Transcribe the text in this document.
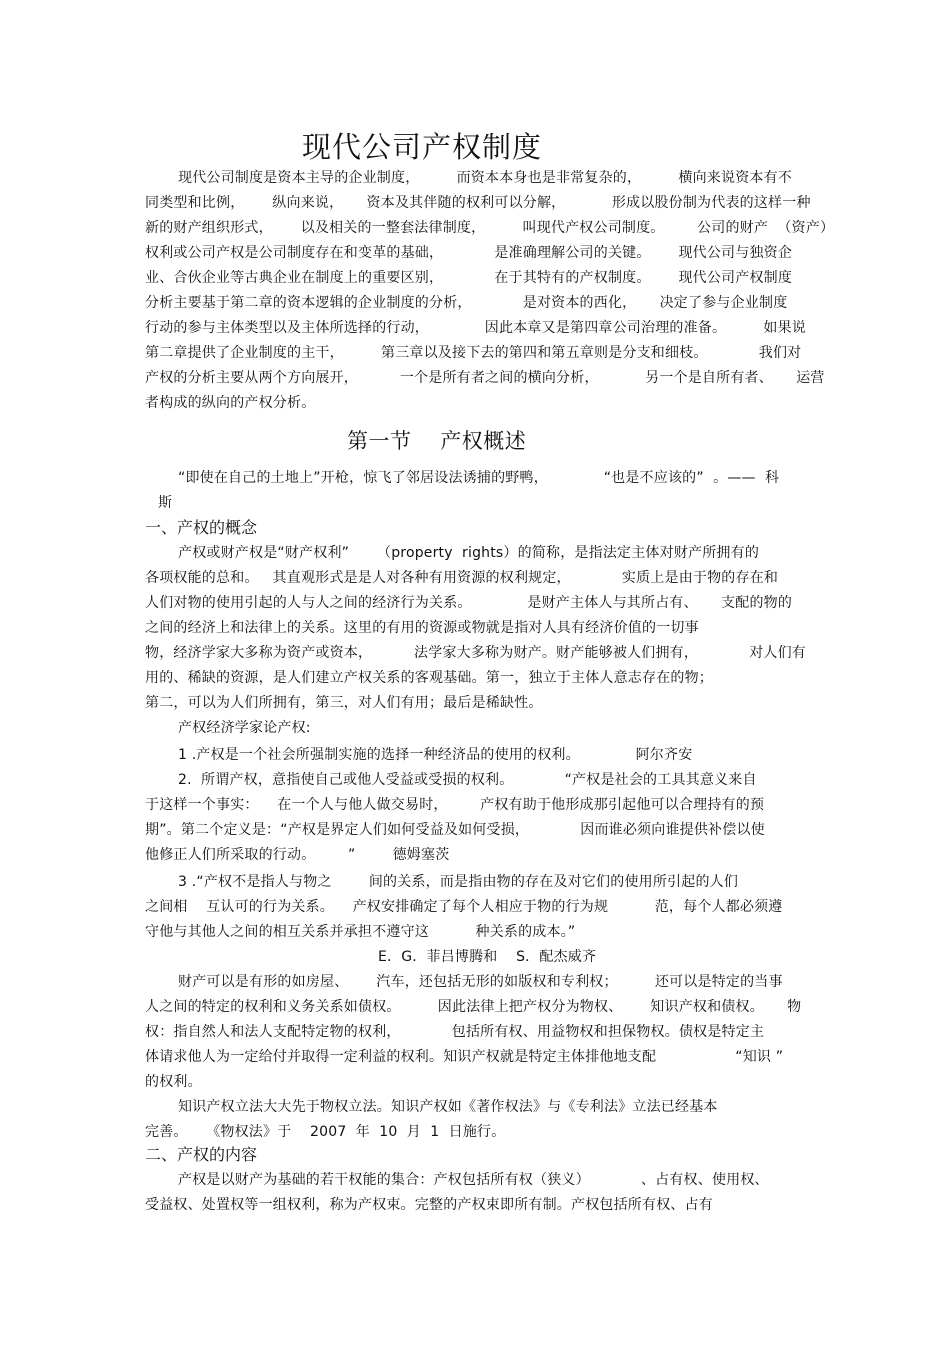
现代公司产权制度
现代公司制度是资本主导的企业制度，        而资本本身也是非常复杂的，        横向来说资本有不
同类型和比例，      纵向来说，     资本及其伴随的权利可以分解，          形成以股份制为代表的这样一种
新的财产组织形式，      以及相关的一整套法律制度，        叫现代产权公司制度。       公司的财产  （资产）
权利或公司产权是公司制度存在和变革的基础，           是准确理解公司的关键。      现代公司与独资企
业、合伙企业等古典企业在制度上的重要区别，           在于其特有的产权制度。      现代公司产权制度
分析主要基于第二章的资本逻辑的企业制度的分析，           是对资本的西化，     决定了参与企业制度
行动的参与主体类型以及主体所选择的行动，            因此本章又是第四章公司治理的准备。        如果说
第二章提供了企业制度的主干，        第三章以及接下去的第四和第五章则是分支和细枝。           我们对
产权的分析主要从两个方向展开，         一个是所有者之间的横向分析，          另一个是自所有者、     运营
者构成的纵向的产权分析。
第一节    产权概述
“即使在自己的土地上”开枪，惊飞了邻居设法诱捕的野鸭，            “也是不应该的”  。——  科
斯
一、产权的概念
产权或财产权是“财产权利”      （property  rights）的简称，是指法定主体对财产所拥有的
各项权能的总和。   其直观形式是是人对各种有用资源的权利规定，           实质上是由于物的存在和
人们对物的使用引起的人与人之间的经济行为关系。            是财产主体人与其所占有、     支配的物的
之间的经济上和法律上的关系。这里的有用的资源或物就是指对人具有经济价值的一切事
物，经济学家大多称为资产或资本，         法学家大多称为财产。财产能够被人们拥有，           对人们有
用的、稀缺的资源，是人们建立产权关系的客观基础。第一，独立于主体人意志存在的物；
第二，可以为人们所拥有，第三，对人们有用；最后是稀缺性。
产权经济学家论产权:
1 .产权是一个社会所强制实施的选择一种经济品的使用的权利。            阿尔齐安
2.  所谓产权，意指使自己或他人受益或受损的权利。           “产权是社会的工具其意义来自
于这样一个事实：    在一个人与他人做交易时，       产权有助于他形成那引起他可以合理持有的预
期”。第二个定义是：“产权是界定人们如何受益及如何受损，           因而谁必须向谁提供补偿以使
他修正人们所采取的行动。       ”        德姆塞茨
3 .“产权不是指人与物之        间的关系，而是指由物的存在及对它们的使用所引起的人们
之间相    互认可的行为关系。    产权安排确定了每个人相应于物的行为规          范，每个人都必须遵
守他与其他人之间的相互关系并承担不遵守这          种关系的成本。”
E．G．菲吕博腾和    S．配杰威齐
财产可以是有形的如房屋、      汽车，还包括无形的如版权和专利权；        还可以是特定的当事
人之间的特定的权利和义务关系如债权。        因此法律上把产权分为物权、      知识产权和债权。     物
权：指自然人和法人支配特定物的权利，           包括所有权、用益物权和担保物权。债权是特定主
体请求他人为一定给付并取得一定利益的权利。知识产权就是特定主体排他地支配                 “知识 ”
的权利。
知识产权立法大大先于物权立法。知识产权如《著作权法》与《专利法》立法已经基本
完善。    《物权法》于    2007  年  10  月  1  日施行。
二、产权的内容
产权是以财产为基础的若干权能的集合：产权包括所有权（狭义）           、占有权、使用权、
受益权、处置权等一组权利，称为产权束。完整的产权束即所有制。产权包括所有权、占有
